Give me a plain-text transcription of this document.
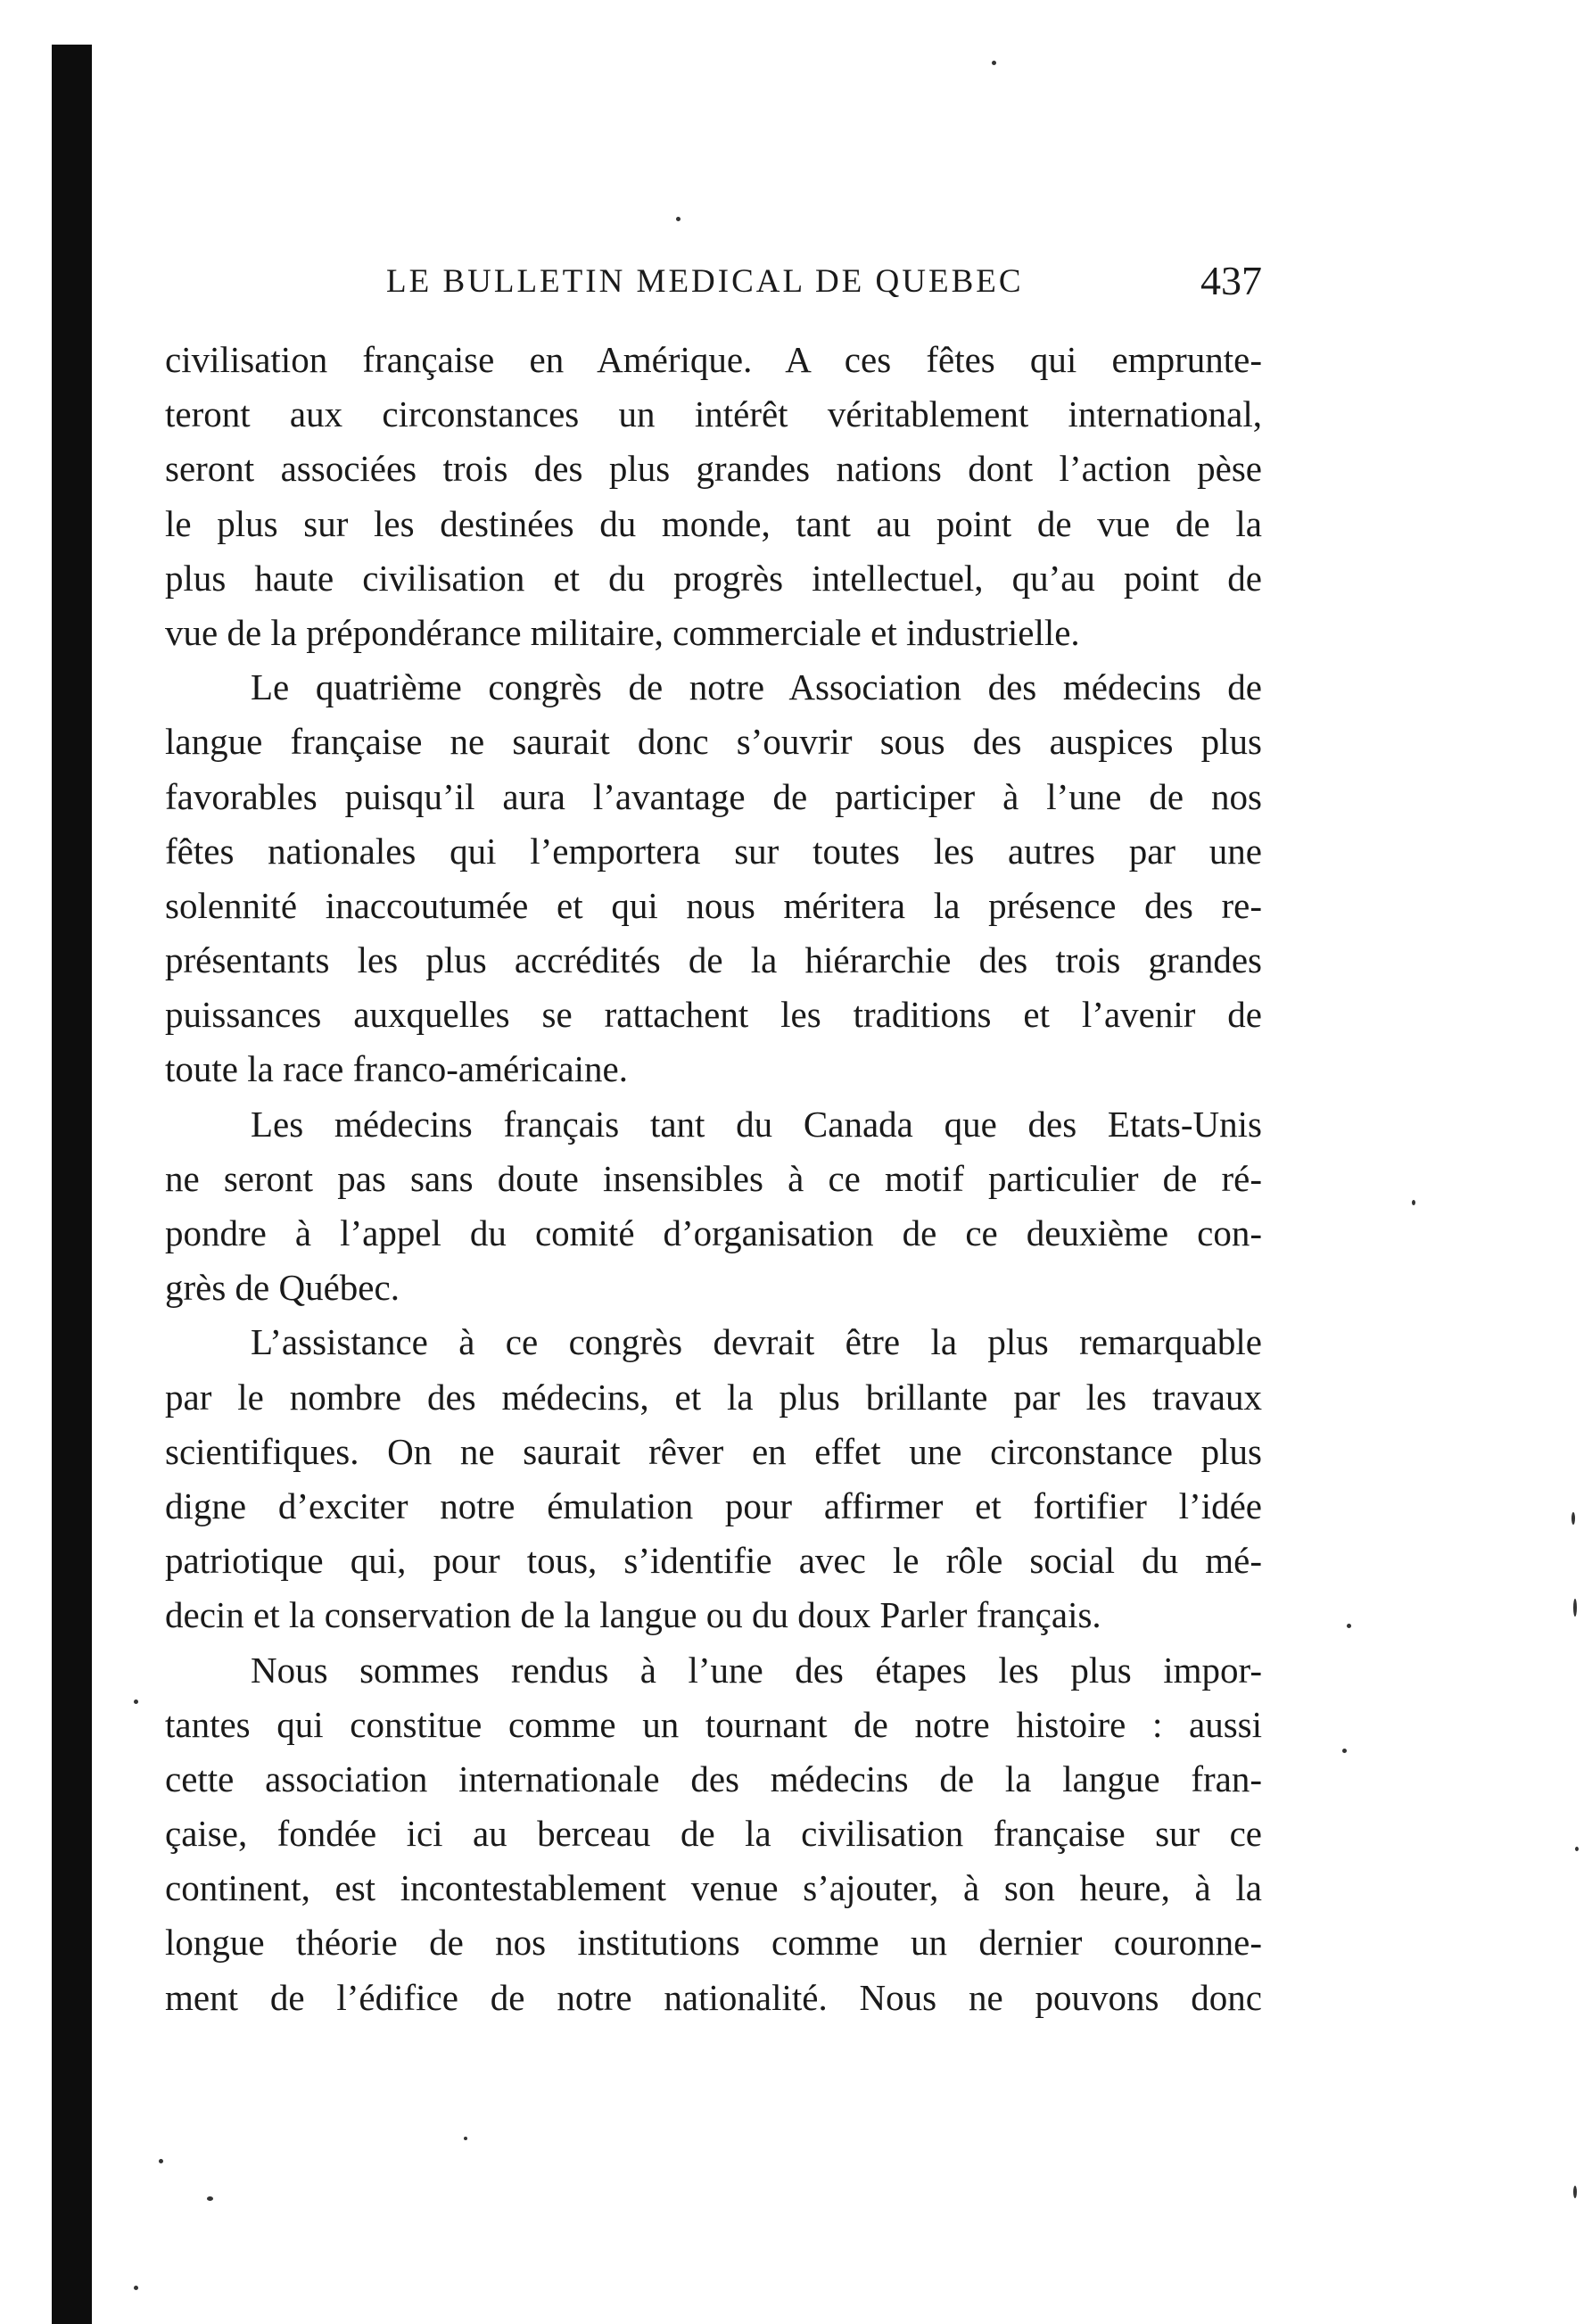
LE BULLETIN MEDICAL DE QUEBEC	437
civilisation française en Amérique. A ces fêtes qui emprunte-
teront aux circonstances un intérêt véritablement international,
seront associées trois des plus grandes nations dont l’action pèse
le plus sur les destinées du monde, tant au point de vue de la
plus haute civilisation et du progrès intellectuel, qu’au point de
vue de la prépondérance militaire, commerciale et industrielle.
Le quatrième congrès de notre Association des médecins de
langue française ne saurait donc s’ouvrir sous des auspices plus
favorables puisqu’il aura l’avantage de participer à l’une de nos
fêtes nationales qui l’emportera sur toutes les autres par une
solennité inaccoutumée et qui nous méritera la présence des re-
présentants les plus accrédités de la hiérarchie des trois grandes
puissances auxquelles se rattachent les traditions et l’avenir de
toute la race franco-américaine.
Les médecins français tant du Canada que des Etats-Unis
ne seront pas sans doute insensibles à ce motif particulier de ré-
pondre à l’appel du comité d’organisation de ce deuxième con-
grès de Québec.
L’assistance à ce congrès devrait être la plus remarquable
par le nombre des médecins, et la plus brillante par les travaux
scientifiques. On ne saurait rêver en effet une circonstance plus
digne d’exciter notre émulation pour affirmer et fortifier l’idée
patriotique qui, pour tous, s’identifie avec le rôle social du mé-
decin et la conservation de la langue ou du doux Parler français.
Nous sommes rendus à l’une des étapes les plus impor-
tantes qui constitue comme un tournant de notre histoire : aussi
cette association internationale des médecins de la langue fran-
çaise, fondée ici au berceau de la civilisation française sur ce
continent, est incontestablement venue s’ajouter, à son heure, à la
longue théorie de nos institutions comme un dernier couronne-
ment de l’édifice de notre nationalité. Nous ne pouvons donc
